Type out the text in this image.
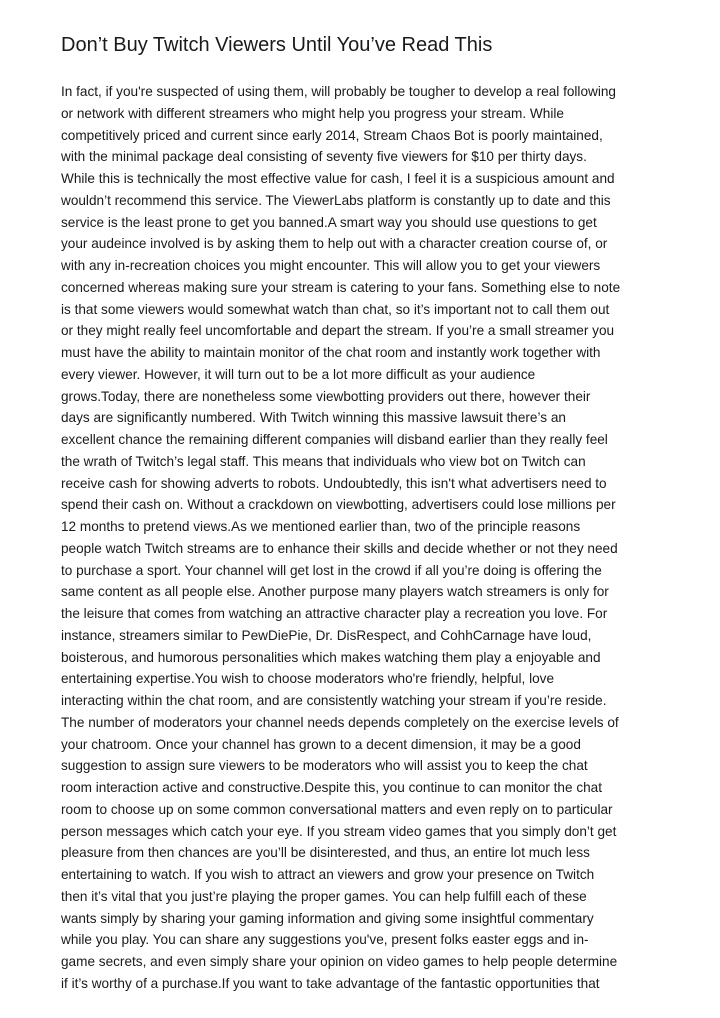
Don’t Buy Twitch Viewers Until You’ve Read This
In fact, if you're suspected of using them, will probably be tougher to develop a real following
or network with different streamers who might help you progress your stream. While
competitively priced and current since early 2014, Stream Chaos Bot is poorly maintained,
with the minimal package deal consisting of seventy five viewers for $10 per thirty days.
While this is technically the most effective value for cash, I feel it is a suspicious amount and
wouldn’t recommend this service. The ViewerLabs platform is constantly up to date and this
service is the least prone to get you banned.A smart way you should use questions to get
your audeince involved is by asking them to help out with a character creation course of, or
with any in-recreation choices you might encounter. This will allow you to get your viewers
concerned whereas making sure your stream is catering to your fans. Something else to note
is that some viewers would somewhat watch than chat, so it’s important not to call them out
or they might really feel uncomfortable and depart the stream. If you’re a small streamer you
must have the ability to maintain monitor of the chat room and instantly work together with
every viewer. However, it will turn out to be a lot more difficult as your audience
grows.Today, there are nonetheless some viewbotting providers out there, however their
days are significantly numbered. With Twitch winning this massive lawsuit there’s an
excellent chance the remaining different companies will disband earlier than they really feel
the wrath of Twitch’s legal staff. This means that individuals who view bot on Twitch can
receive cash for showing adverts to robots. Undoubtedly, this isn't what advertisers need to
spend their cash on. Without a crackdown on viewbotting, advertisers could lose millions per
12 months to pretend views.As we mentioned earlier than, two of the principle reasons
people watch Twitch streams are to enhance their skills and decide whether or not they need
to purchase a sport. Your channel will get lost in the crowd if all you’re doing is offering the
same content as all people else. Another purpose many players watch streamers is only for
the leisure that comes from watching an attractive character play a recreation you love. For
instance, streamers similar to PewDiePie, Dr. DisRespect, and CohhCarnage have loud,
boisterous, and humorous personalities which makes watching them play a enjoyable and
entertaining expertise.You wish to choose moderators who're friendly, helpful, love
interacting within the chat room, and are consistently watching your stream if you’re reside.
The number of moderators your channel needs depends completely on the exercise levels of
your chatroom. Once your channel has grown to a decent dimension, it may be a good
suggestion to assign sure viewers to be moderators who will assist you to keep the chat
room interaction active and constructive.Despite this, you continue to can monitor the chat
room to choose up on some common conversational matters and even reply on to particular
person messages which catch your eye. If you stream video games that you simply don’t get
pleasure from then chances are you’ll be disinterested, and thus, an entire lot much less
entertaining to watch. If you wish to attract an viewers and grow your presence on Twitch
then it’s vital that you just’re playing the proper games. You can help fulfill each of these
wants simply by sharing your gaming information and giving some insightful commentary
while you play. You can share any suggestions you've, present folks easter eggs and in-
game secrets, and even simply share your opinion on video games to help people determine
if it’s worthy of a purchase.If you want to take advantage of the fantastic opportunities that
